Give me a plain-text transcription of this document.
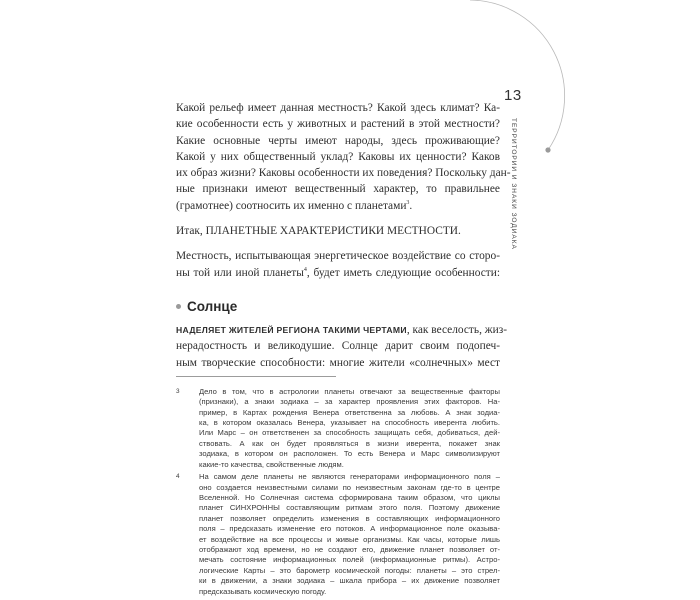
13
ТЕРРИТОРИИ И ЗНАКИ ЗОДИАКА

Какой рельеф имеет данная местность? Какой здесь климат? Ка-
кие особенности есть у животных и растений в этой местности?
Какие основные черты имеют народы, здесь проживающие?
Какой у них общественный уклад? Каковы их ценности? Каков
их образ жизни? Каковы особенности их поведения? Поскольку дан-
ные признаки имеют вещественный характер, то правильнее
(грамотнее) соотносить их именно с планетами$^3$.

Итак, ПЛАНЕТНЫЕ ХАРАКТЕРИСТИКИ МЕСТНОСТИ.

Местность, испытывающая энергетическое воздействие со сторо-
ны той или иной планеты$^4$, будет иметь следующие особенности:

Солнце

НАДЕЛЯЕТ ЖИТЕЛЕЙ РЕГИОНА ТАКИМИ ЧЕРТАМИ, как веселость, жиз-
нерадостность и великодушие. Солнце дарит своим подопеч-
ным творческие способности: многие жители «солнечных» мест

3	Дело в том, что в астрологии планеты отвечают за вещественные факторы
(признаки), а знаки зодиака – за характер проявления этих факторов. На-
пример, в Картах рождения Венера ответственна за любовь. А знак зодиа-
ка, в котором оказалась Венера, указывает на способность иверента любить.
Или Марс – он ответственен за способность защищать себя, добиваться, дей-
ствовать. А как он будет проявляться в жизни иверента, покажет знак
зодиака, в котором он расположен. То есть Венера и Марс символизируют
какие-то качества, свойственные людям.
4	На самом деле планеты не являются генераторами информационного поля –
оно создается неизвестными силами по неизвестным законам где-то в центре
Вселенной. Но Солнечная система сформирована таким образом, что циклы
планет СИНХРОННЫ составляющим ритмам этого поля. Поэтому движение
планет позволяет определить изменения в составляющих информационного
поля – предсказать изменение его потоков. А информационное поле оказыва-
ет воздействие на все процессы и живые организмы. Как часы, которые лишь
отображают ход времени, но не создают его, движение планет позволяет от-
мечать состояние информационных полей (информационные ритмы). Астро-
логические Карты – это барометр космической погоды: планеты – это стрел-
ки в движении, а знаки зодиака – шкала прибора – их движение позволяет
предсказывать космическую погоду.
